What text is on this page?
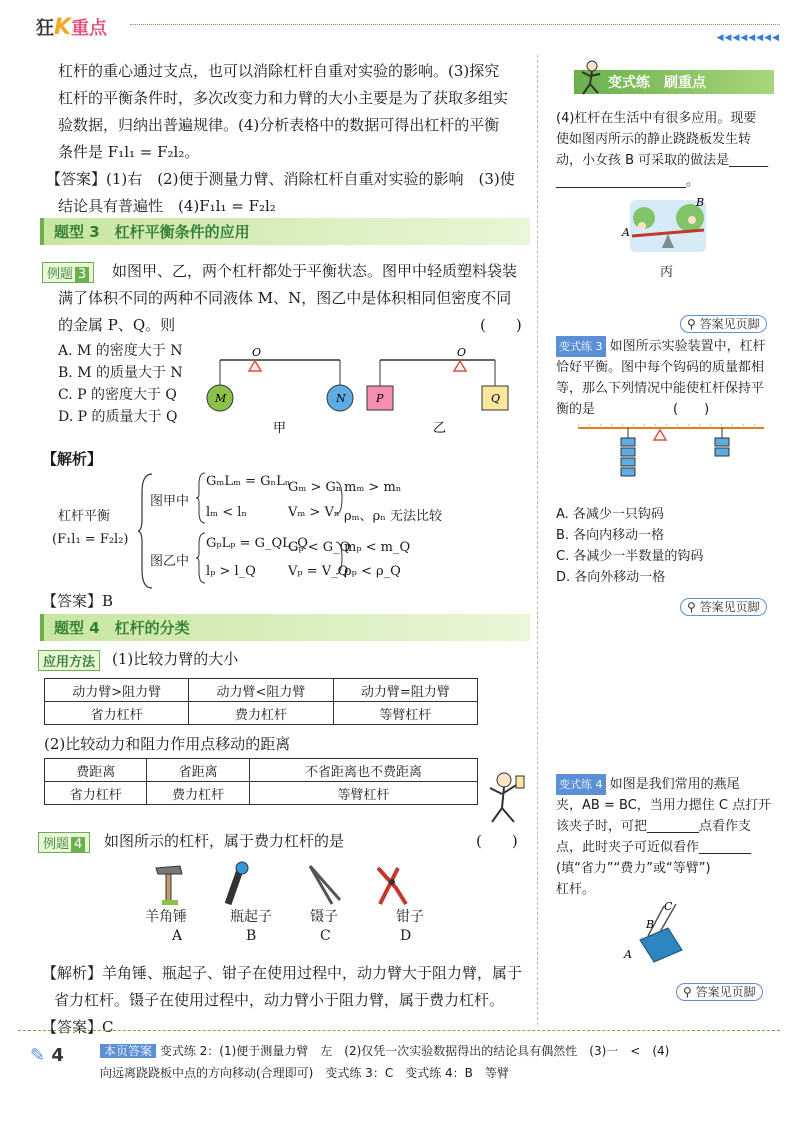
狂K重点	◀◀◀◀◀◀◀◀
杠杆的重心通过支点，也可以消除杠杆自重对实验的影响。(3)探究
杠杆的平衡条件时，多次改变力和力臂的大小主要是为了获取多组实
验数据，归纳出普遍规律。(4)分析表格中的数据可得出杠杆的平衡
条件是 F₁l₁ = F₂l₂。
【答案】(1)右　(2)便于测量力臂、消除杠杆自重对实验的影响　(3)使
结论具有普遍性　(4)F₁l₁ = F₂l₂
题型 3　杠杆平衡条件的应用
例题 3	如图甲、乙，两个杠杆都处于平衡状态。图甲中轻质塑料袋装
满了体积不同的两种不同液体 M、N，图乙中是体积相同但密度不同
的金属 P、Q。则	(　　)
A. M 的密度大于 N
B. M 的质量大于 N
C. P 的密度大于 Q
D. P 的质量大于 Q
O	O
M	N	P	Q
甲	乙
【解析】
杠杆平衡
(F₁l₁ = F₂l₂)
图甲中
GₘLₘ = GₙLₙ
lₘ < lₙ
Gₘ > Gₙ
Vₘ > Vₙ
mₘ > mₙ
ρₘ、ρₙ 无法比较
图乙中
GₚLₚ = G_QL_Q
lₚ > l_Q
Gₚ < G_Q
Vₚ = V_Q
mₚ < m_Q
ρₚ < ρ_Q
【答案】B
题型 4　杠杆的分类
应用方法	(1)比较力臂的大小
动力臂>阻力臂	动力臂<阻力臂	动力臂=阻力臂
省力杠杆	费力杠杆	等臂杠杆
(2)比较动力和阻力作用点移动的距离
费距离	省距离	不省距离也不费距离
省力杠杆	费力杠杆	等臂杠杆
例题 4	如图所示的杠杆，属于费力杠杆的是	(　　)
羊角锤	瓶起子	镊子	钳子
A	B	C	D
【解析】羊角锤、瓶起子、钳子在使用过程中，动力臂大于阻力臂，属于
省力杠杆。镊子在使用过程中，动力臂小于阻力臂，属于费力杠杆。
【答案】C
变式练　刷重点
(4)杠杆在生活中有很多应用。现要
使如图丙所示的静止跷跷板发生转
动，小女孩 B 可采取的做法是______
____________________。
A
B
丙
⚲ 答案见页脚
变式练 3 如图所示实验装置中，杠杆
恰好平衡。图中每个钩码的质量都相
等，那么下列情况中能使杠杆保持平
衡的是　　　　　　(　　)
A. 各减少一只钩码
B. 各向内移动一格
C. 各减少一半数量的钩码
D. 各向外移动一格
⚲ 答案见页脚
变式练 4 如图是我们常用的燕尾
夹，AB = BC，当用力摁住 C 点打开
该夹子时，可把________点看作支
点，此时夹子可近似看作________
(填“省力”“费力”或“等臂”)
杠杆。
A
B
C
⚲ 答案见页脚
✎ 4	本页答案 变式练 2：(1)便于测量力臂　左　(2)仅凭一次实验数据得出的结论具有偶然性　(3)一　<　(4)
向远离跷跷板中点的方向移动(合理即可)　变式练 3：C　变式练 4：B　等臂
